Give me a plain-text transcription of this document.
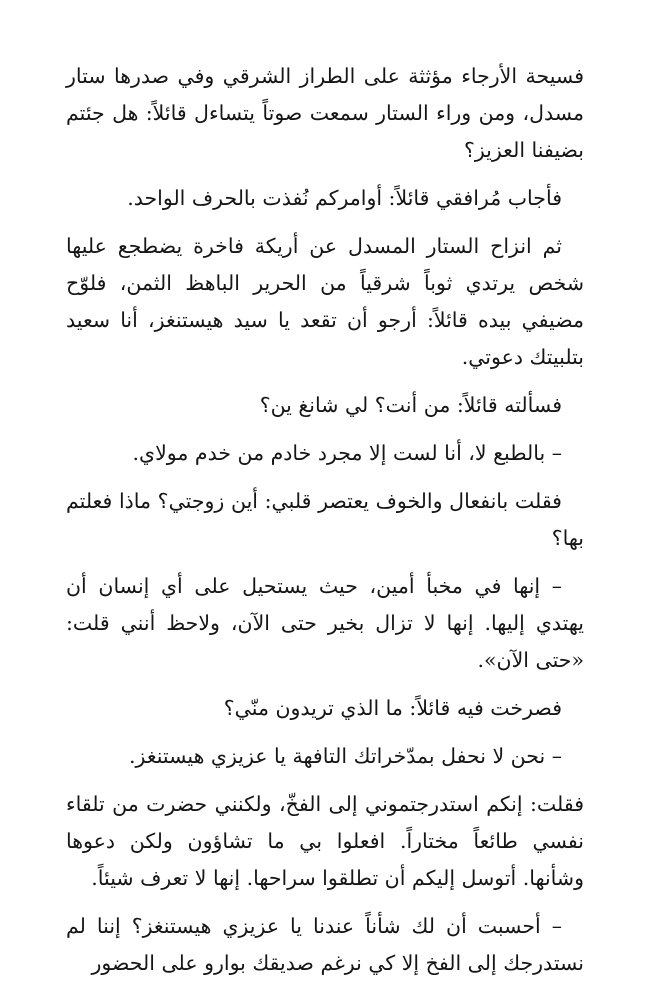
فسيحة الأرجاء مؤثثة على الطراز الشرقي وفي صدرها ستار مسدل، ومن وراء الستار سمعت صوتاً يتساءل قائلاً: هل جئتم بضيفنا العزيز؟

فأجاب مُرافقي قائلاً: أوامركم نُفذت بالحرف الواحد.

ثم انزاح الستار المسدل عن أريكة فاخرة يضطجع عليها شخص يرتدي ثوباً شرقياً من الحرير الباهظ الثمن، فلوّح مضيفي بيده قائلاً: أرجو أن تقعد يا سيد هيستنغز، أنا سعيد بتلبيتك دعوتي.

فسألته قائلاً: من أنت؟ لي شانغ ين؟

– بالطبع لا، أنا لست إلا مجرد خادم من خدم مولاي.

فقلت بانفعال والخوف يعتصر قلبي: أين زوجتي؟ ماذا فعلتم بها؟

– إنها في مخبأ أمين، حيث يستحيل على أي إنسان أن يهتدي إليها. إنها لا تزال بخير حتى الآن، ولاحظ أنني قلت: «حتى الآن».

فصرخت فيه قائلاً: ما الذي تريدون منّي؟

– نحن لا نحفل بمدّخراتك التافهة يا عزيزي هيستنغز.

فقلت: إنكم استدرجتموني إلى الفخّ، ولكنني حضرت من تلقاء نفسي طائعاً مختاراً. افعلوا بي ما تشاؤون ولكن دعوها وشأنها. أتوسل إليكم أن تطلقوا سراحها. إنها لا تعرف شيئاً.

– أحسبت أن لك شأناً عندنا يا عزيزي هيستنغز؟ إننا لم نستدرجك إلى الفخ إلا كي نرغم صديقك بوارو على الحضور
